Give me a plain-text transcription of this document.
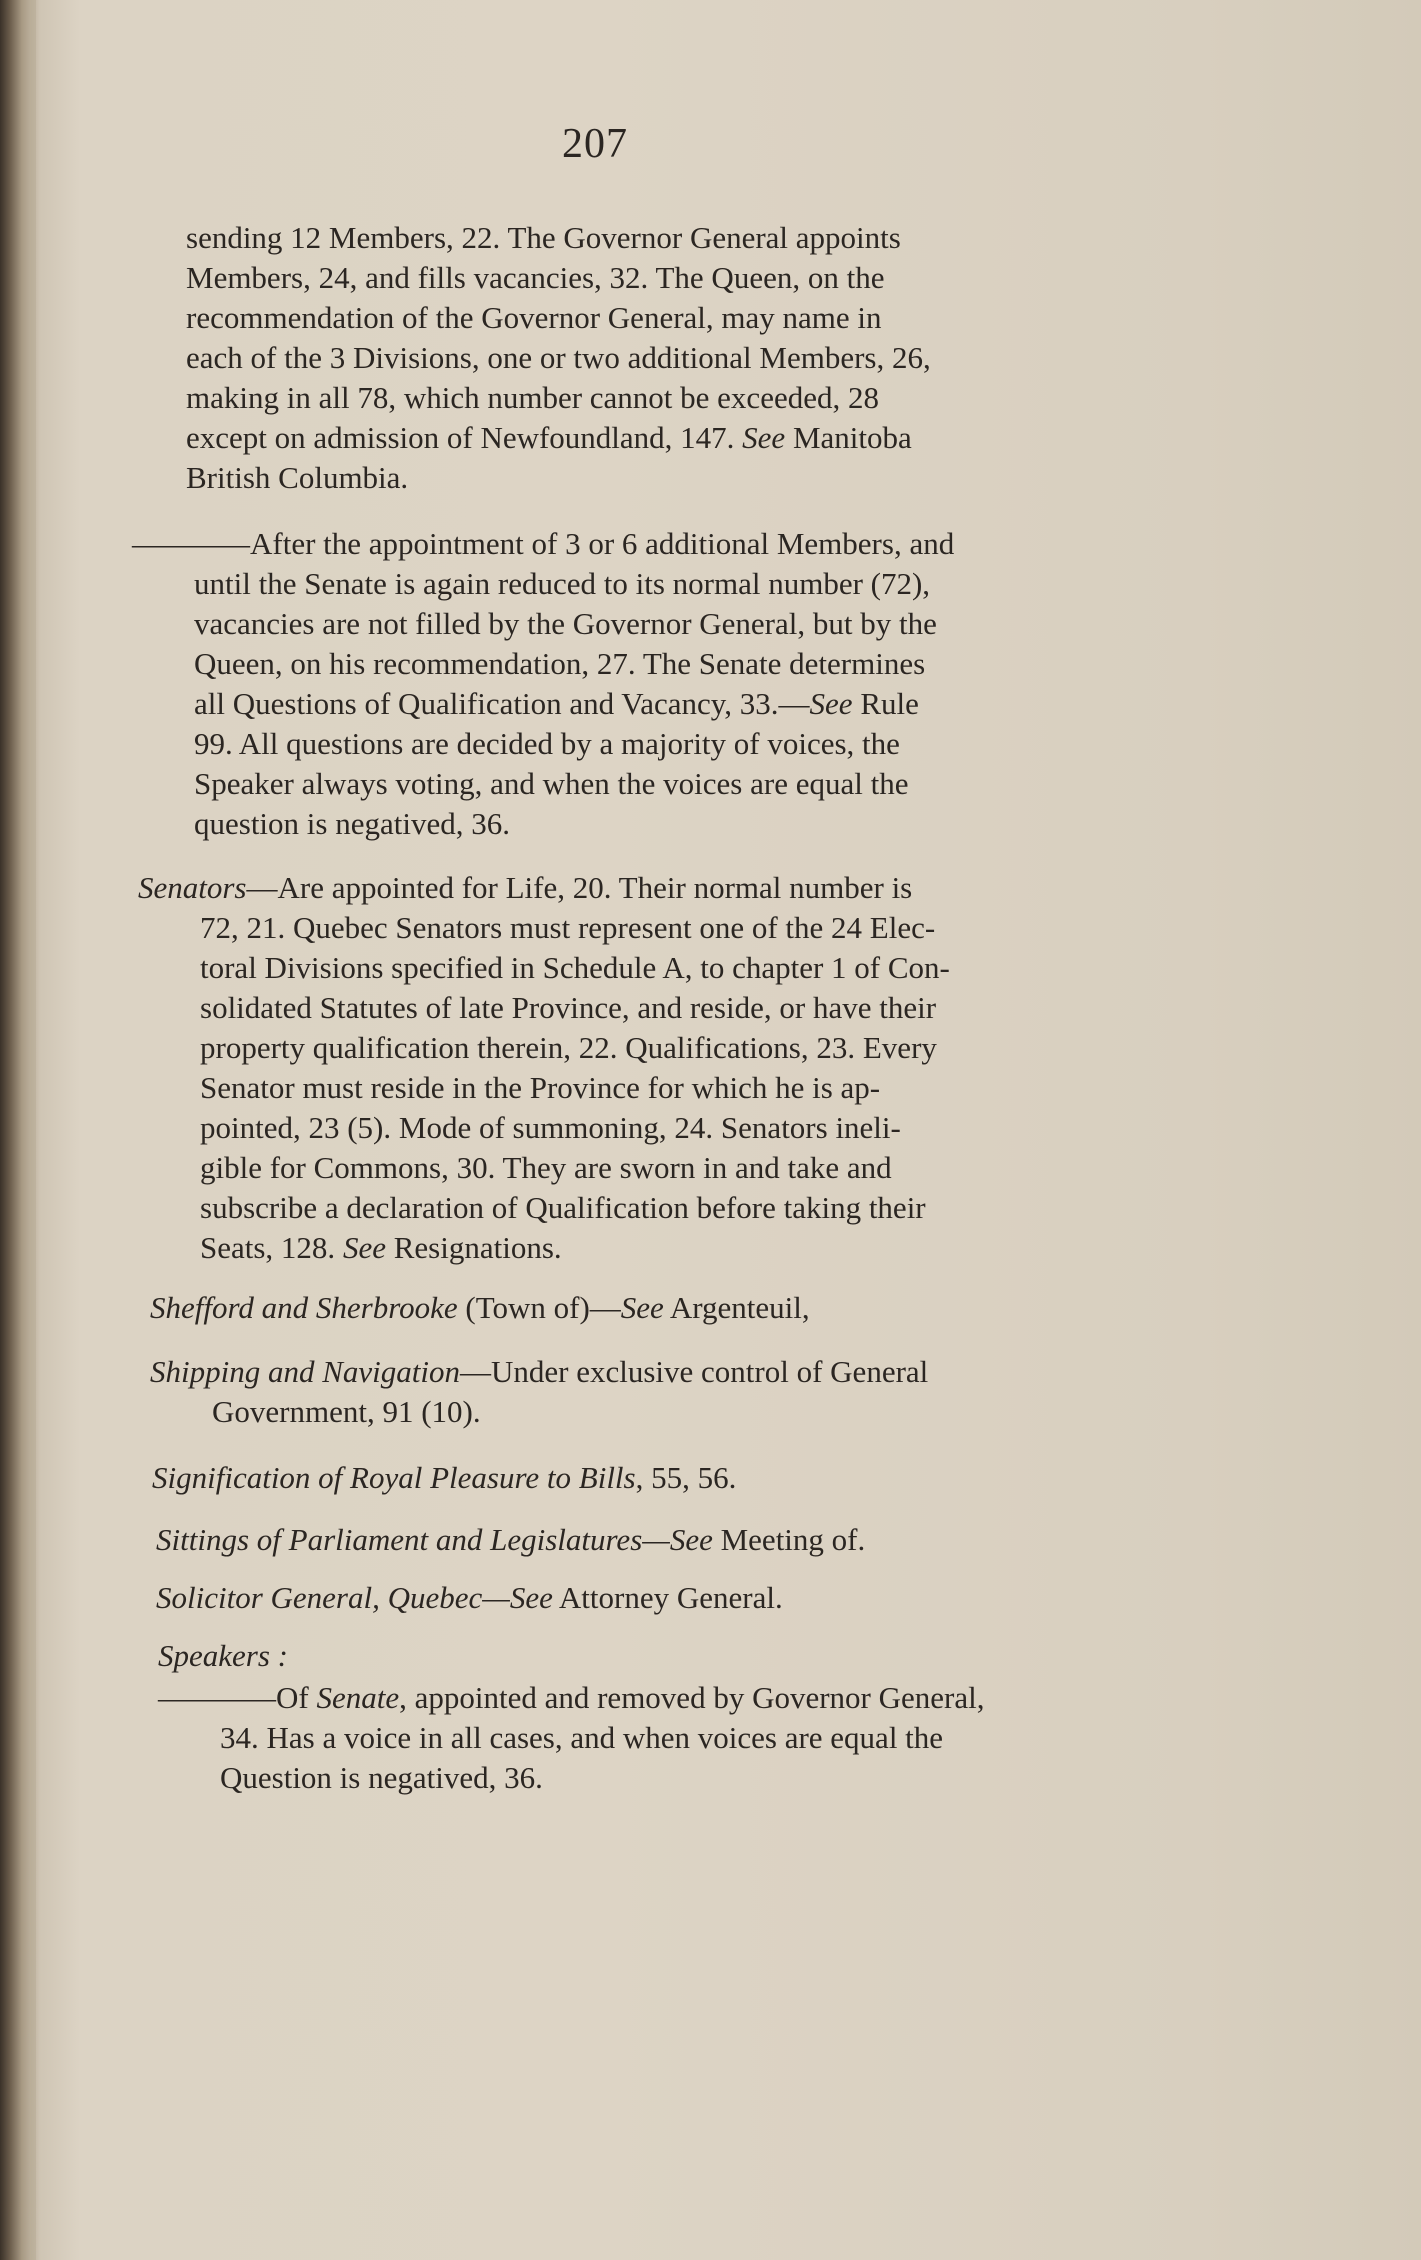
207
sending 12 Members, 22. The Governor General appoints
Members, 24, and fills vacancies, 32. The Queen, on the
recommendation of the Governor General, may name in
each of the 3 Divisions, one or two additional Members, 26,
making in all 78, which number cannot be exceeded, 28
except on admission of Newfoundland, 147. See Manitoba
British Columbia.
————After the appointment of 3 or 6 additional Members, and
until the Senate is again reduced to its normal number (72),
vacancies are not filled by the Governor General, but by the
Queen, on his recommendation, 27. The Senate determines
all Questions of Qualification and Vacancy, 33.—See Rule
99. All questions are decided by a majority of voices, the
Speaker always voting, and when the voices are equal the
question is negatived, 36.
Senators—Are appointed for Life, 20. Their normal number is
72, 21. Quebec Senators must represent one of the 24 Elec-
toral Divisions specified in Schedule A, to chapter 1 of Con-
solidated Statutes of late Province, and reside, or have their
property qualification therein, 22. Qualifications, 23. Every
Senator must reside in the Province for which he is ap-
pointed, 23 (5). Mode of summoning, 24. Senators ineli-
gible for Commons, 30. They are sworn in and take and
subscribe a declaration of Qualification before taking their
Seats, 128. See Resignations.
Shefford and Sherbrooke (Town of)—See Argenteuil,
Shipping and Navigation—Under exclusive control of General
Government, 91 (10).
Signification of Royal Pleasure to Bills, 55, 56.
Sittings of Parliament and Legislatures—See Meeting of.
Solicitor General, Quebec—See Attorney General.
Speakers :
————Of Senate, appointed and removed by Governor General,
34. Has a voice in all cases, and when voices are equal the
Question is negatived, 36.
